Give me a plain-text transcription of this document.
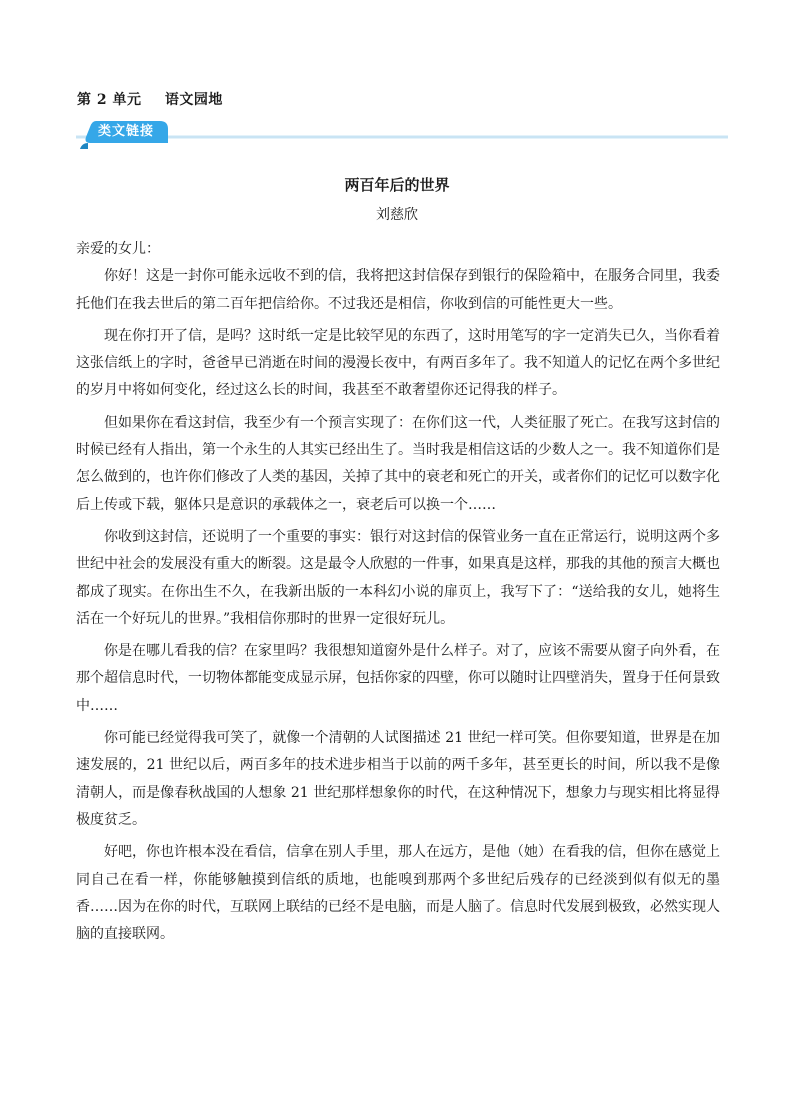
第 2 单元 语文园地
类文链接
两百年后的世界
刘慈欣

亲爱的女儿：

你好！这是一封你可能永远收不到的信，我将把这封信保存到银行的保险箱中，在服务合同里，我委托他们在我去世后的第二百年把信给你。不过我还是相信，你收到信的可能性更大一些。

现在你打开了信，是吗？这时纸一定是比较罕见的东西了，这时用笔写的字一定消失已久，当你看着这张信纸上的字时，爸爸早已消逝在时间的漫漫长夜中，有两百多年了。我不知道人的记忆在两个多世纪的岁月中将如何变化，经过这么长的时间，我甚至不敢奢望你还记得我的样子。

但如果你在看这封信，我至少有一个预言实现了：在你们这一代，人类征服了死亡。在我写这封信的时候已经有人指出，第一个永生的人其实已经出生了。当时我是相信这话的少数人之一。我不知道你们是怎么做到的，也许你们修改了人类的基因，关掉了其中的衰老和死亡的开关，或者你们的记忆可以数字化后上传或下载，躯体只是意识的承载体之一，衰老后可以换一个……

你收到这封信，还说明了一个重要的事实：银行对这封信的保管业务一直在正常运行，说明这两个多世纪中社会的发展没有重大的断裂。这是最令人欣慰的一件事，如果真是这样，那我的其他的预言大概也都成了现实。在你出生不久，在我新出版的一本科幻小说的扉页上，我写下了：“送给我的女儿，她将生活在一个好玩儿的世界。”我相信你那时的世界一定很好玩儿。

你是在哪儿看我的信？在家里吗？我很想知道窗外是什么样子。对了，应该不需要从窗子向外看，在那个超信息时代，一切物体都能变成显示屏，包括你家的四壁，你可以随时让四壁消失，置身于任何景致中……

你可能已经觉得我可笑了，就像一个清朝的人试图描述 21 世纪一样可笑。但你要知道，世界是在加速发展的，21 世纪以后，两百多年的技术进步相当于以前的两千多年，甚至更长的时间，所以我不是像清朝人，而是像春秋战国的人想象 21 世纪那样想象你的时代，在这种情况下，想象力与现实相比将显得极度贫乏。

好吧，你也许根本没在看信，信拿在别人手里，那人在远方，是他（她）在看我的信，但你在感觉上同自己在看一样，你能够触摸到信纸的质地，也能嗅到那两个多世纪后残存的已经淡到似有似无的墨香……因为在你的时代，互联网上联结的已经不是电脑，而是人脑了。信息时代发展到极致，必然实现人脑的直接联网。
